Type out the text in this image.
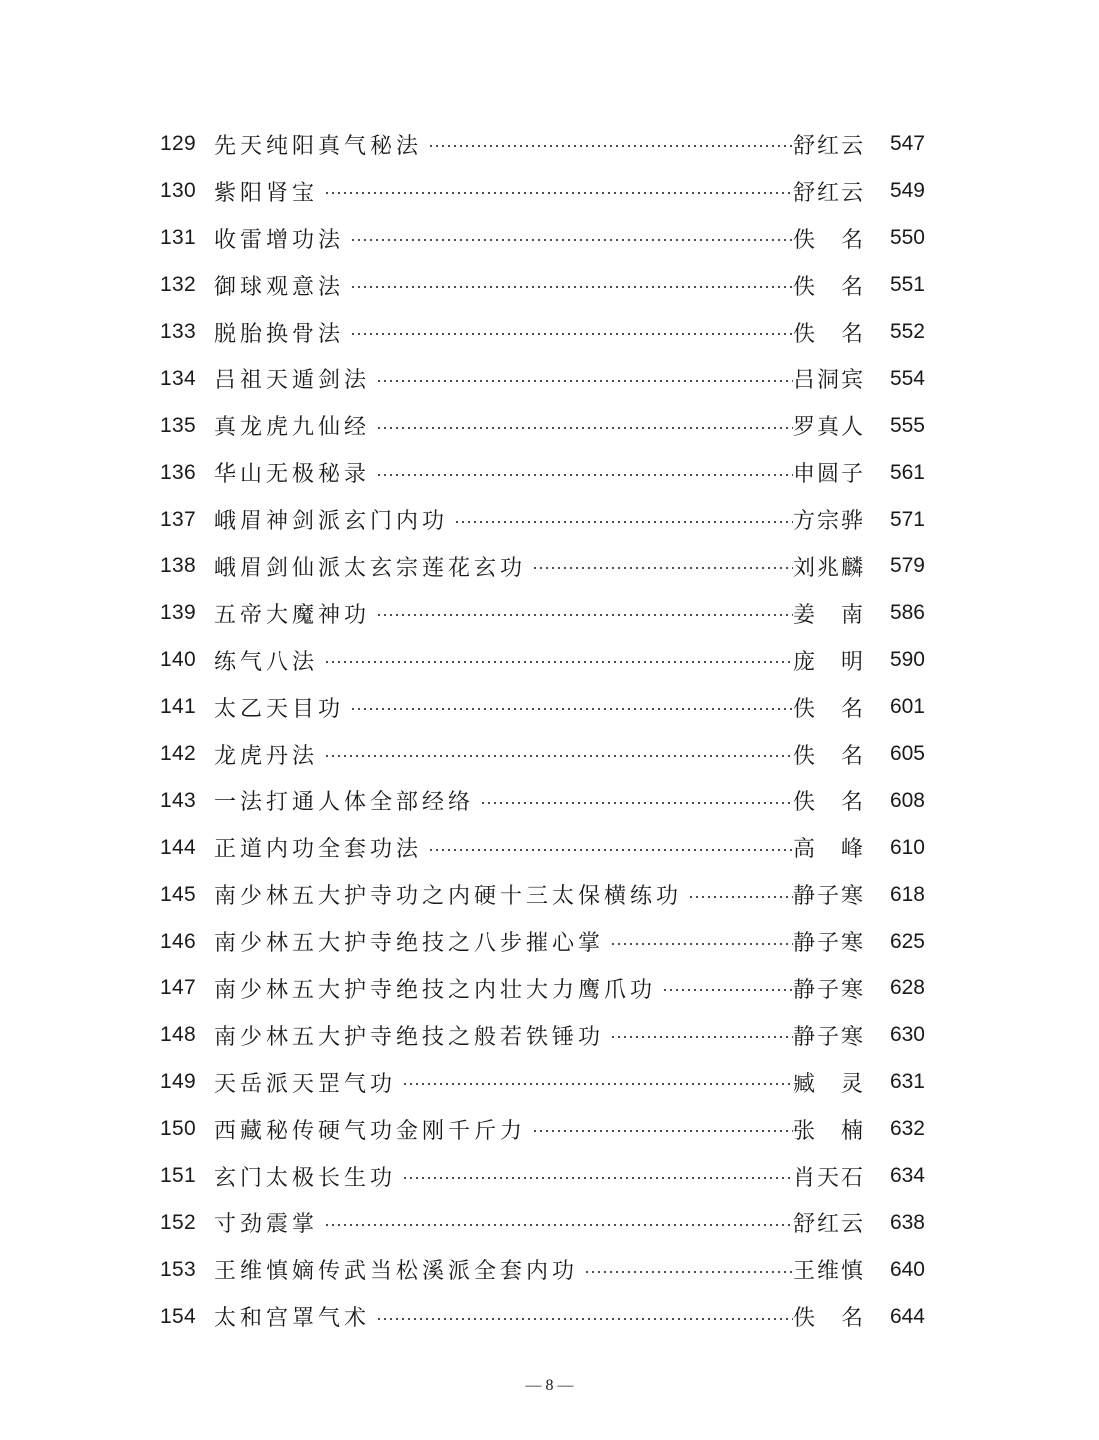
129 先天纯阳真气秘法	舒红云	547
130 紫阳肾宝	舒红云	549
131 收雷增功法	佚　名	550
132 御球观意法	佚　名	551
133 脱胎换骨法	佚　名	552
134 吕祖天遁剑法	吕洞宾	554
135 真龙虎九仙经	罗真人	555
136 华山无极秘录	申圆子	561
137 峨眉神剑派玄门内功	方宗骅	571
138 峨眉剑仙派太玄宗莲花玄功	刘兆麟	579
139 五帝大魔神功	姜　南	586
140 练气八法	庞　明	590
141 太乙天目功	佚　名	601
142 龙虎丹法	佚　名	605
143 一法打通人体全部经络	佚　名	608
144 正道内功全套功法	高　峰	610
145 南少林五大护寺功之内硬十三太保横练功	静子寒	618
146 南少林五大护寺绝技之八步摧心掌	静子寒	625
147 南少林五大护寺绝技之内壮大力鹰爪功	静子寒	628
148 南少林五大护寺绝技之般若铁锤功	静子寒	630
149 天岳派天罡气功	臧　灵	631
150 西藏秘传硬气功金刚千斤力	张　楠	632
151 玄门太极长生功	肖天石	634
152 寸劲震掌	舒红云	638
153 王维慎嫡传武当松溪派全套内功	王维慎	640
154 太和宫罩气术	佚　名	644
— 8 —
